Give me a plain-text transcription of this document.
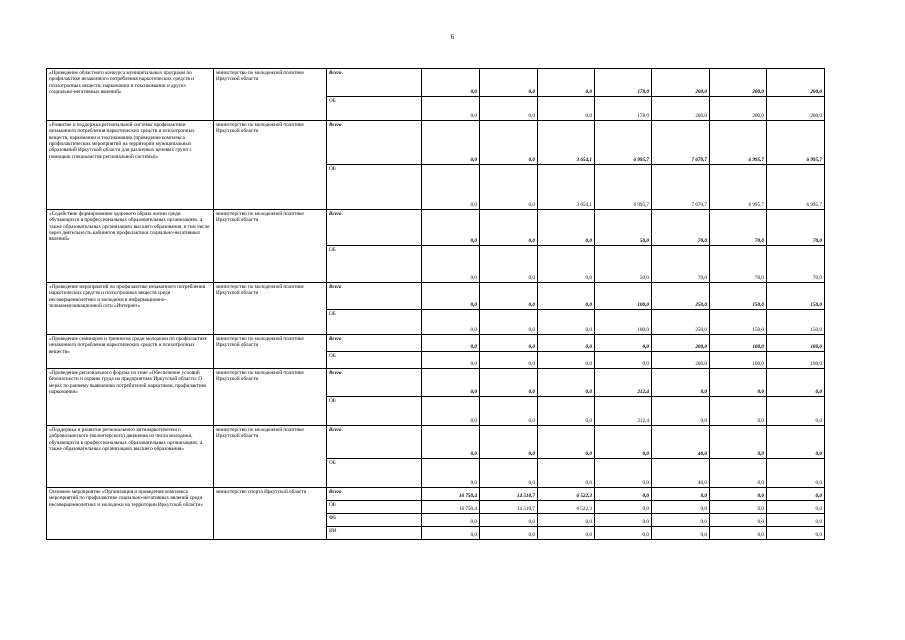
6
«Проведение областного конкурса муниципальных программ по профилактике незаконного потребления наркотических средств и психотропных веществ, наркомании и токсикомании и других социально-негативных явлений»	министерство по молодежной политике Иркутской области	Всего	0,0	0,0	0,0	178,0	200,0	200,0	200,0
		ОБ	0,0	0,0	0,0	178,0	200,0	200,0	200,0
«Развитие и поддержка региональной системы профилактики незаконного потребления наркотических средств и психотропных веществ, наркомании и токсикомании (проведение комплекса профилактических мероприятий на территории муниципальных образований Иркутской области для различных целевых групп с помощью специалистов региональной системы)»	министерство по молодежной политике Иркутской области	Всего	0,0	0,0	3 654,1	6 995,7	7 670,7	6 995,7	6 995,7
		ОБ	0,0	0,0	3 654,1	6 995,7	7 670,7	6 995,7	6 995,7
«Содействие формированию здорового образа жизни среди обучающихся в профессиональных образовательных организациях, а также образовательных организациях высшего образования, в том числе через деятельность кабинетов профилактики социально-негативных явлений»	министерство по молодежной политике Иркутской области	Всего	0,0	0,0	0,0	50,0	70,0	70,0	70,0
		ОБ	0,0	0,0	0,0	50,0	70,0	70,0	70,0
«Проведение мероприятий по профилактике незаконного потребления наркотических средств и психотропных веществ среди несовершеннолетних и молодежи в информационно-телекоммуникационной сети «Интернет»	министерство по молодежной политике Иркутской области	Всего	0,0	0,0	0,0	100,0	250,0	150,0	150,0
		ОБ	0,0	0,0	0,0	100,0	250,0	150,0	150,0
«Проведение семинаров и тренингов среди молодежи по профилактике незаконного потребления наркотических средств и психотропных веществ»	министерство по молодежной политике Иркутской области	Всего	0,0	0,0	0,0	0,0	200,0	100,0	100,0
		ОБ	0,0	0,0	0,0	0,0	200,0	100,0	100,0
«Проведение регионального форума по теме «Обеспечение условий безопасности и охраны труда на предприятиях Иркутской области. О мерах по раннему выявлению потребителей наркотиков, профилактике наркомании»	министерство по молодежной политике Иркутской области	Всего	0,0	0,0	0,0	212,4	0,0	0,0	0,0
		ОБ	0,0	0,0	0,0	212,4	0,0	0,0	0,0
«Поддержка и развитие регионального антинаркотического добровольческого (волонтерского) движения из числа молодежи, обучающихся в профессиональных образовательных организациях, а также образовательных организациях высшего образования»	министерство по молодежной политике Иркутской области	Всего	0,0	0,0	0,0	0,0	40,0	0,0	0,0
		ОБ	0,0	0,0	0,0	0,0	40,0	0,0	0,0
Основное мероприятие «Организация и проведение комплекса мероприятий по профилактике социально-негативных явлений среди несовершеннолетних и молодежи на территории Иркутской области»	министерство спорта Иркутской области	Всего	16 750,4	14 510,7	6 522,3	0,0	0,0	0,0	0,0
		ОБ	16 750,4	14 510,7	6 522,3	0,0	0,0	0,0	0,0
		ФБ	0,0	0,0	0,0	0,0	0,0	0,0	0,0
		ИИ	0,0	0,0	0,0	0,0	0,0	0,0	0,0
